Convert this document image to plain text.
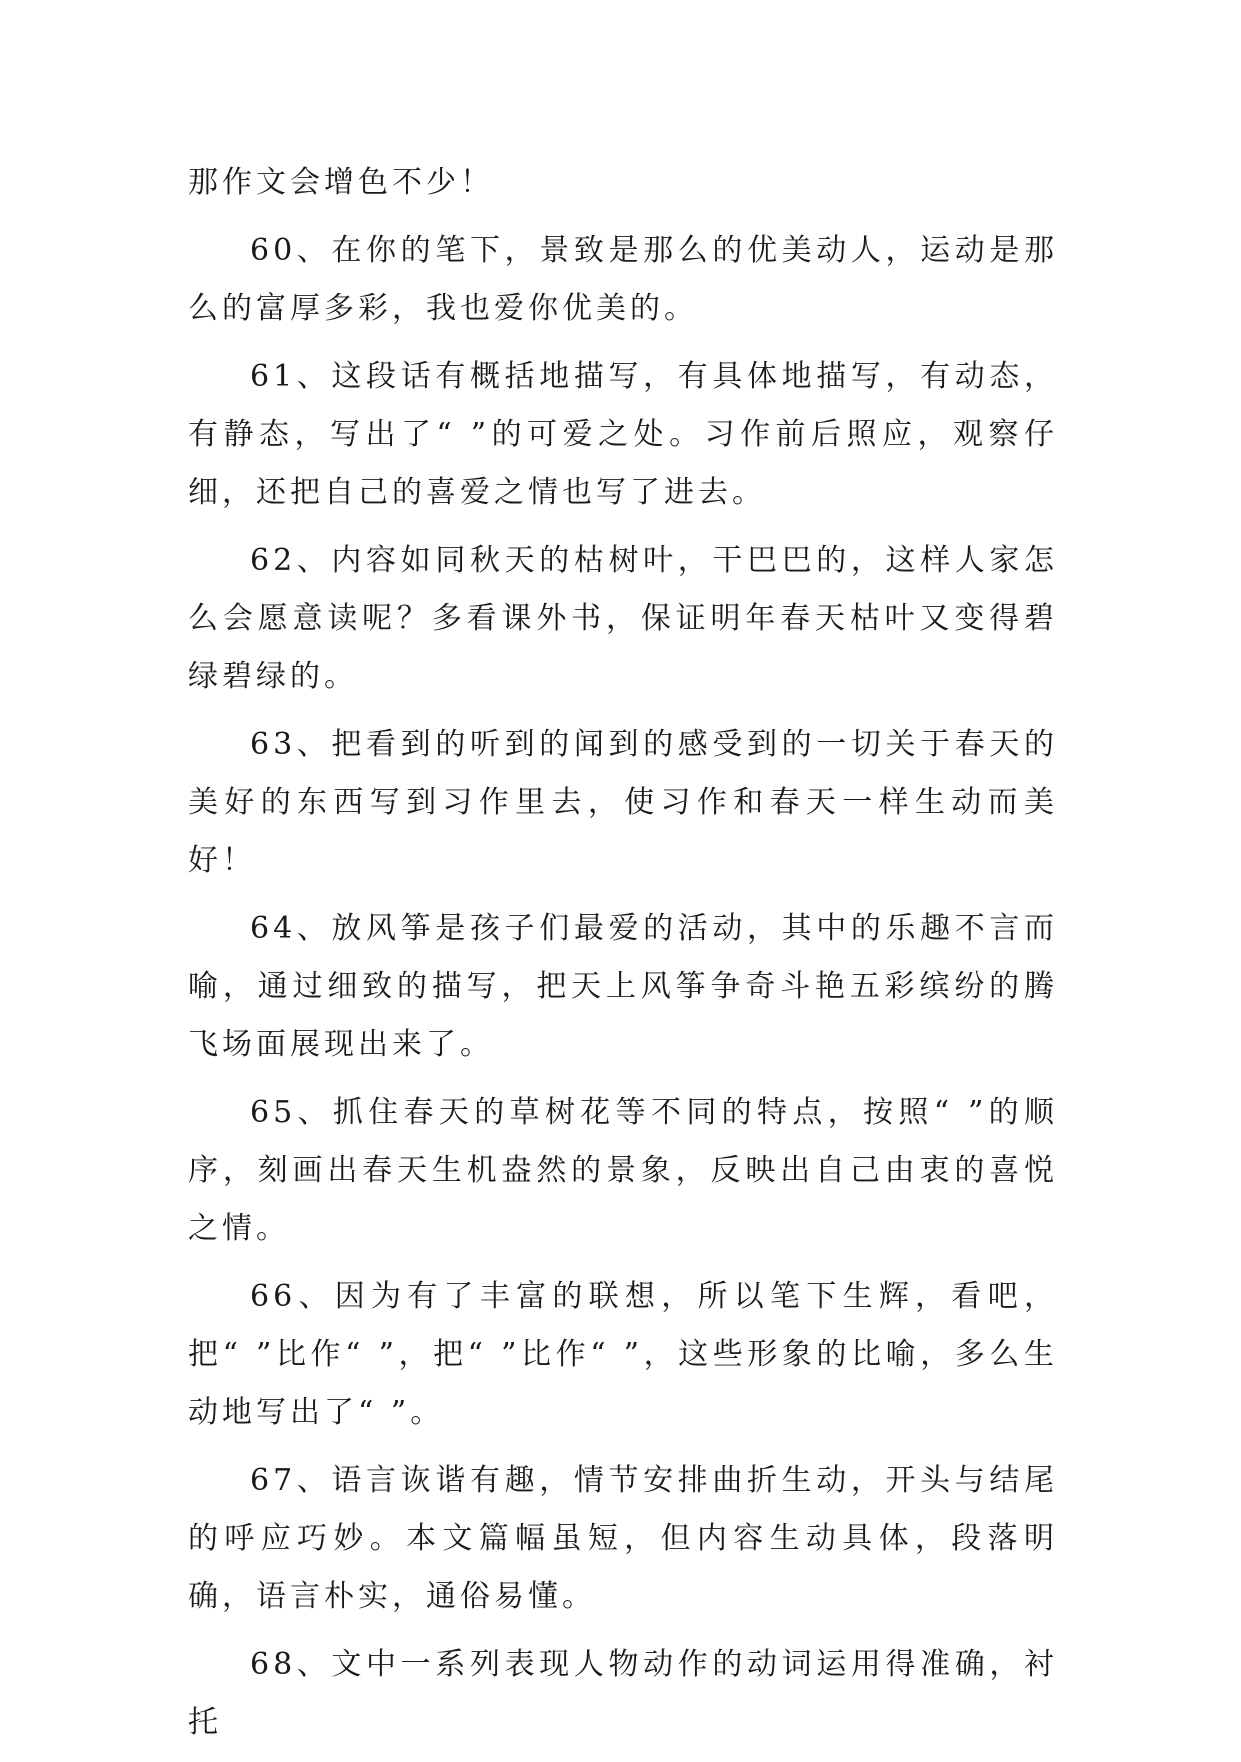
那作文会增色不少！

60、在你的笔下，景致是那么的优美动人，运动是那么的富厚多彩，我也爱你优美的。

61、这段话有概括地描写，有具体地描写，有动态，有静态，写出了“ ”的可爱之处。习作前后照应，观察仔细，还把自己的喜爱之情也写了进去。

62、内容如同秋天的枯树叶，干巴巴的，这样人家怎么会愿意读呢？多看课外书，保证明年春天枯叶又变得碧绿碧绿的。

63、把看到的听到的闻到的感受到的一切关于春天的美好的东西写到习作里去，使习作和春天一样生动而美好！

64、放风筝是孩子们最爱的活动，其中的乐趣不言而喻，通过细致的描写，把天上风筝争奇斗艳五彩缤纷的腾飞场面展现出来了。

65、抓住春天的草树花等不同的特点，按照“ ”的顺序，刻画出春天生机盎然的景象，反映出自己由衷的喜悦之情。

66、因为有了丰富的联想，所以笔下生辉，看吧，把“ ”比作“ ”，把“ ”比作“ ”，这些形象的比喻，多么生动地写出了“ ”。

67、语言诙谐有趣，情节安排曲折生动，开头与结尾的呼应巧妙。本文篇幅虽短，但内容生动具体，段落明确，语言朴实，通俗易懂。

68、文中一系列表现人物动作的动词运用得准确，衬托
